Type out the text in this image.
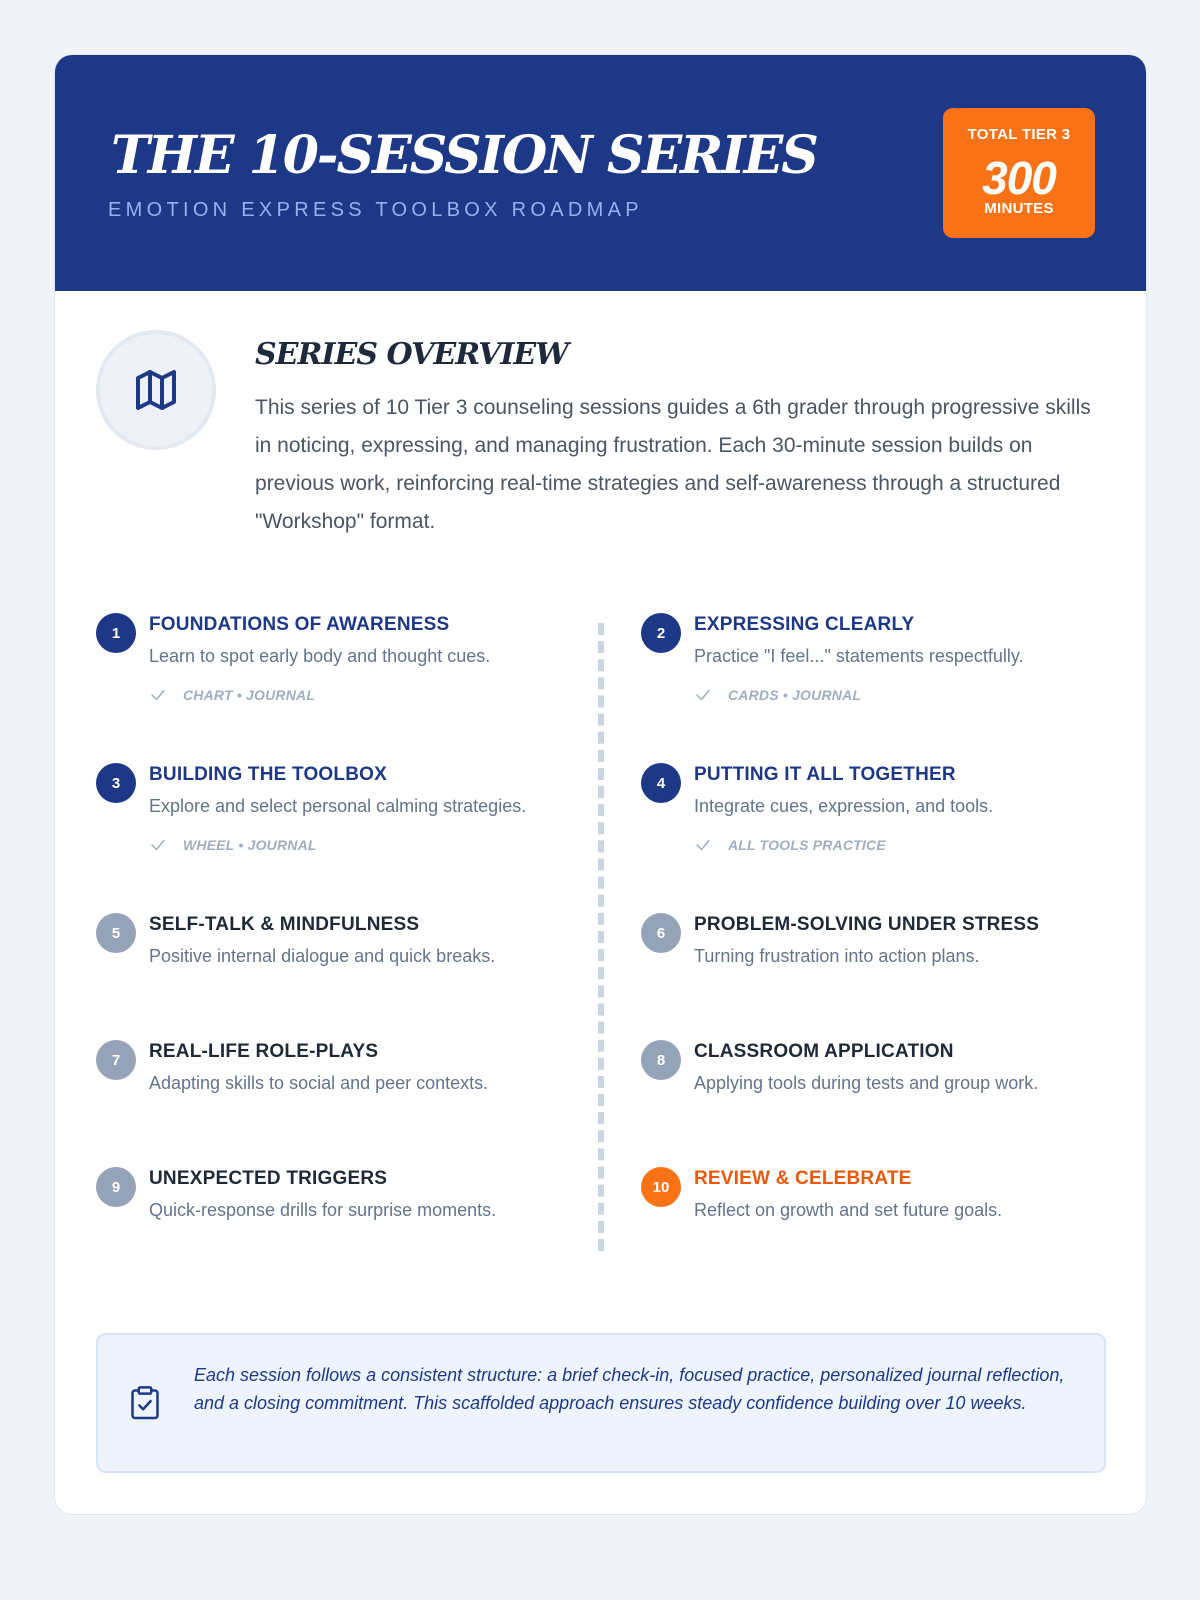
THE 10-SESSION SERIES
EMOTION EXPRESS TOOLBOX ROADMAP
TOTAL TIER 3
300
MINUTES
SERIES OVERVIEW
This series of 10 Tier 3 counseling sessions guides a 6th grader through progressive skills in noticing, expressing, and managing frustration. Each 30-minute session builds on previous work, reinforcing real-time strategies and self-awareness through a structured "Workshop" format.
1	FOUNDATIONS OF AWARENESS
Learn to spot early body and thought cues.
CHART • JOURNAL
2	EXPRESSING CLEARLY
Practice "I feel..." statements respectfully.
CARDS • JOURNAL
3	BUILDING THE TOOLBOX
Explore and select personal calming strategies.
WHEEL • JOURNAL
4	PUTTING IT ALL TOGETHER
Integrate cues, expression, and tools.
ALL TOOLS PRACTICE
5	SELF-TALK & MINDFULNESS
Positive internal dialogue and quick breaks.
6	PROBLEM-SOLVING UNDER STRESS
Turning frustration into action plans.
7	REAL-LIFE ROLE-PLAYS
Adapting skills to social and peer contexts.
8	CLASSROOM APPLICATION
Applying tools during tests and group work.
9	UNEXPECTED TRIGGERS
Quick-response drills for surprise moments.
10	REVIEW & CELEBRATE
Reflect on growth and set future goals.
Each session follows a consistent structure: a brief check-in, focused practice, personalized journal reflection, and a closing commitment. This scaffolded approach ensures steady confidence building over 10 weeks.
